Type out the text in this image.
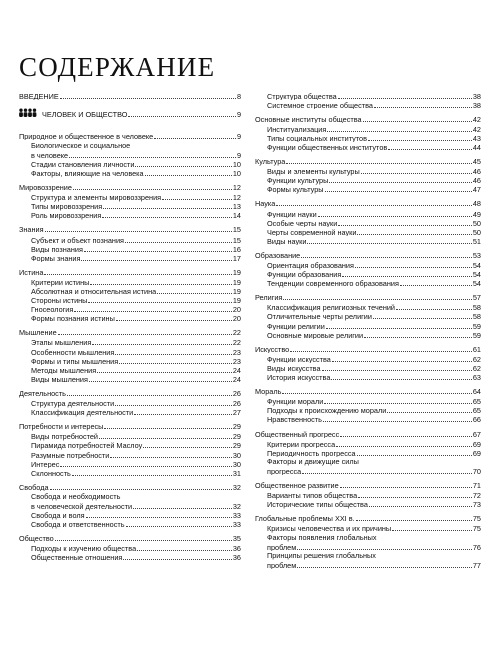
СОДЕРЖАНИЕ
ВВЕДЕНИЕ	8
ЧЕЛОВЕК И ОБЩЕСТВО	9
Природное и общественное в человеке	9
Биологическое и социальное
в человеке	9
Стадии становления личности	10
Факторы, влияющие на человека	10
Мировоззрение	12
Структура и элементы мировоззрения	12
Типы мировоззрения	13
Роль мировоззрения	14
Знания	15
Субъект и объект познания	15
Виды познания	16
Формы знания	17
Истина	19
Критерии истины	19
Абсолютная и относительная истина	19
Стороны истины	19
Гносеология	20
Формы познания истины	20
Мышление	22
Этапы мышления	22
Особенности мышления	23
Формы и типы мышления	23
Методы мышления	24
Виды мышления	24
Деятельность	26
Структура деятельности	26
Классификация деятельности	27
Потребности и интересы	29
Виды потребностей	29
Пирамида потребностей Маслоу	29
Разумные потребности	30
Интерес	30
Склонность	31
Свобода	32
Свобода и необходимость
в человеческой деятельности	32
Свобода и воля	33
Свобода и ответственность	33
Общество	35
Подходы к изучению общества	36
Общественные отношения	36
Структура общества	38
Системное строение общества	38
Основные институты общества	42
Институализация	42
Типы социальных институтов	43
Функции общественных институтов	44
Культура	45
Виды и элементы культуры	46
Функции культуры	46
Формы культуры	47
Наука	48
Функции науки	49
Особые черты науки	50
Черты современной науки	50
Виды науки	51
Образование	53
Ориентация образования	54
Функции образования	54
Тенденции современного образования	54
Религия	57
Классификация религиозных течений	58
Отличительные черты религии	58
Функции религии	59
Основные мировые религии	59
Искусство	61
Функции искусства	62
Виды искусства	62
История искусства	63
Мораль	64
Функции морали	65
Подходы к происхождению морали	65
Нравственность	66
Общественный прогресс	67
Критерии прогресса	69
Периодичность прогресса	69
Факторы и движущие силы
прогресса	70
Общественное развитие	71
Варианты типов общества	72
Исторические типы общества	73
Глобальные проблемы XXI в.	75
Кризисы человечества и их причины	75
Факторы появления глобальных
проблем	76
Принципы решения глобальных
проблем	77
